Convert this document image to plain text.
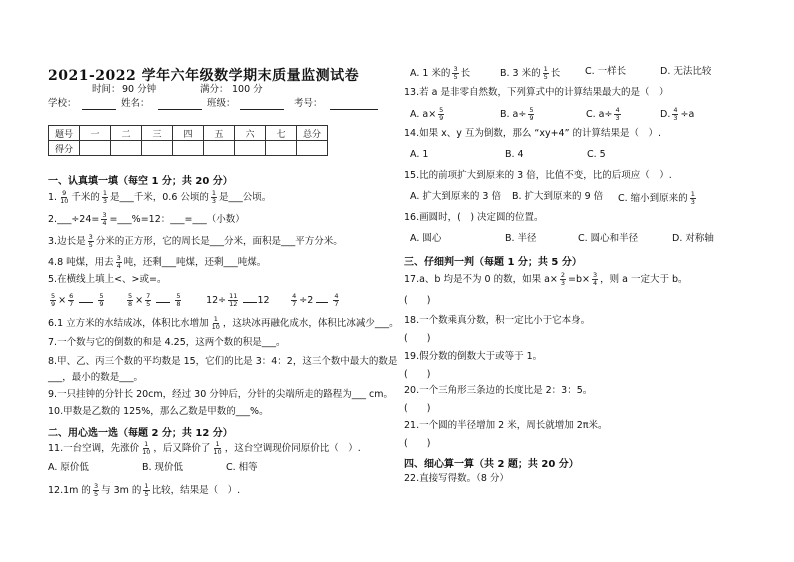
2021-2022 学年六年级数学期末质量监测试卷
时间： 90 分钟	满分： 100 分
学校：	姓名：	班级：	考号：
题号	一	二	三	四	五	六	七	总分
得分								
一、认真填一填（每空 1 分；共 20 分）
1. $\frac{9}{10}$ 千米的 $\frac{1}{3}$ 是___千米，0.6 公顷的 $\frac{1}{3}$ 是___公顷。
2.___÷24= $\frac{3}{4}$ =___%=12：___=___（小数）
3.边长是 $\frac{3}{5}$ 分米的正方形，它的周长是___分米，面积是___平方分米。
4.8 吨煤，用去 $\frac{3}{4}$ 吨，还剩___吨煤，还剩___吨煤。
5.在横线上填上<、>或=。
$\frac{5}{9} \times \frac{6}{7}$
	$\frac{5}{9}$
	$\frac{5}{8} \times \frac{7}{5}$
	$\frac{5}{8}$	$12\div \frac{11}{12} 12$	$\frac{4}{7} \div 2$	$\frac{4}{7}$
6.1 立方米的水结成冰，体积比水增加 $\frac{1}{10}$ ，这块冰再融化成水，体积比冰减少___。
7.一个数与它的倒数的和是 4.25，这两个数的积是___。
8.甲、乙、丙三个数的平均数是 15，它们的比是 3：4：2，这三个数中最大的数是
___，最小的数是___。
9.一只挂钟的分针长 20cm，经过 30 分钟后，分针的尖端所走的路程为___ cm。
10.甲数是乙数的 125%，那么乙数是甲数的___%。
二、用心选一选（每题 2 分；共 12 分）
11.一台空调，先涨价 $\frac{1}{10}$ ，后又降价了 $\frac{1}{10}$ ，这台空调现价同原价比（　）.
A. 原价低	B. 现价低	C. 相等
12.1m 的 $\frac{3}{5}$ 与 3m 的 $\frac{1}{5}$ 比较，结果是（　）.
A. 1 米的 $\frac{3}{5}$ 长	B. 3 米的 $\frac{1}{5}$ 长	C. 一样长	D. 无法比较
13.若 a 是非零自然数，下列算式中的计算结果最大的是（　）
A. $a\times \frac{5}{9}$	B. $a\div \frac{5}{9}$	C. $a\div \frac{4}{3}$	D. $\frac{4}{3} \div a$
14.如果 x、y 互为倒数，那么 “xy+4” 的计算结果是（　）.
A. 1	B. 4	C. 5
15.比的前项扩大到原来的 3 倍，比值不变，比的后项应（　）.
A. 扩大到原来的 3 倍 B. 扩大到原来的 9 倍 C. 缩小到原来的 $\frac{1}{3}$
16.画圆时，(　) 决定圆的位置。
A. 圆心	B. 半径	C. 圆心和半径	D. 对称轴
三、仔细判一判（每题 1 分；共 5 分）
17.a、b 均是不为 0 的数，如果 $a\times \frac{2}{3} =b\times \frac{3}{4}$ ，则 a 一定大于 b。
(　　)
18.一个数乘真分数，积一定比小于它本身。
(　　)
19.假分数的倒数大于或等于 1。
(　　)
20.一个三角形三条边的长度比是 2：3：5。
(　　)
21.一个圆的半径增加 2 米，周长就增加 2π米。
(　　)
四、细心算一算（共 2 题；共 20 分）
22.直接写得数。（8 分）
